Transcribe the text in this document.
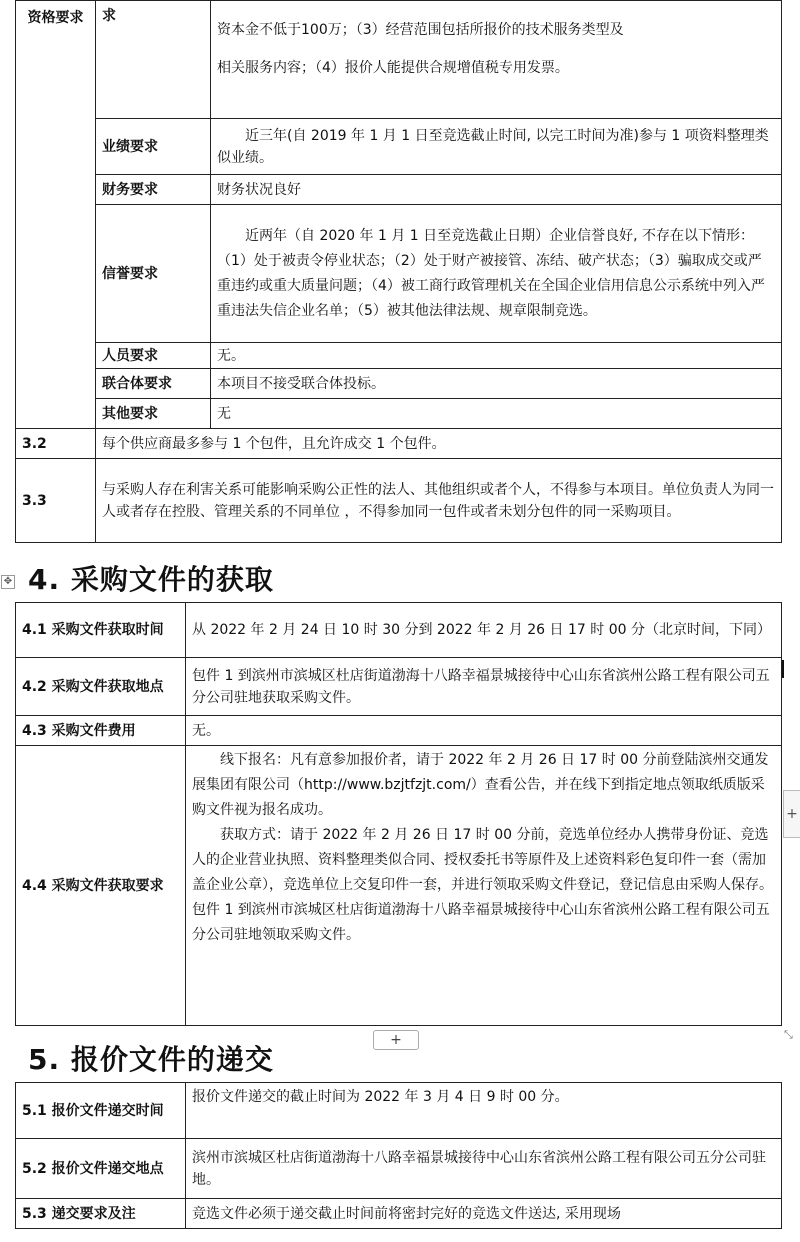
资格要求	求	资本金不低于100万；（3）经营范围包括所报价的技术服务类型及
相关服务内容；（4）报价人能提供合规增值税专用发票。

	业绩要求	近三年(自 2019 年 1 月 1 日至竞选截止时间, 以完工时间为准)参与 1 项资料整理类似业绩。
	财务要求	财务状况良好
	信誉要求	近两年（自 2020 年 1 月 1 日至竞选截止日期）企业信誉良好, 不存在以下情形：（1）处于被责令停业状态；（2）处于财产被接管、冻结、破产状态；（3）骗取成交或严重违约或重大质量问题；（4）被工商行政管理机关在全国企业信用信息公示系统中列入严重违法失信企业名单；（5）被其他法律法规、规章限制竞选。
	人员要求	无。
	联合体要求	本项目不接受联合体投标。
	其他要求	无
3.2	每个供应商最多参与 1 个包件，且允许成交 1 个包件。	
3.3	与采购人存在利害关系可能影响采购公正性的法人、其他组织或者个人，不得参与本项目。单位负责人为同一人或者存在控股、管理关系的不同单位 ，不得参加同一包件或者未划分包件的同一采购项目。	
✥ 4. 采购文件的获取
4.1 采购文件获取时间	从 2022 年 2 月 24 日 10 时 30 分到 2022 年 2 月 26 日 17 时 00 分（北京时间，下同）
4.2 采购文件获取地点	包件 1 到滨州市滨城区杜店街道渤海十八路幸福景城接待中心山东省滨州公路工程有限公司五分公司驻地获取采购文件。
4.3 采购文件费用	无。
4.4 采购文件获取要求	线下报名：凡有意参加报价者，请于 2022 年 2 月 26 日 17 时 00 分前登陆滨州交通发展集团有限公司（http://www.bzjtfzjt.com/）查看公告，并在线下到指定地点领取纸质版采购文件视为报名成功。
获取方式：请于 2022 年 2 月 26 日 17 时 00 分前，竞选单位经办人携带身份证、竞选人的企业营业执照、资料整理类似合同、授权委托书等原件及上述资料彩色复印件一套（需加盖企业公章），竞选单位上交复印件一套，并进行领取采购文件登记，登记信息由采购人保存。包件 1 到滨州市滨城区杜店街道渤海十八路幸福景城接待中心山东省滨州公路工程有限公司五分公司驻地领取采购文件。
+
+	⤡
5. 报价文件的递交
5.1 报价文件递交时间	报价文件递交的截止时间为 2022 年 3 月 4 日 9 时 00 分。
5.2 报价文件递交地点	滨州市滨城区杜店街道渤海十八路幸福景城接待中心山东省滨州公路工程有限公司五分公司驻地。
5.3 递交要求及注	竞选文件必须于递交截止时间前将密封完好的竞选文件送达, 采用现场
